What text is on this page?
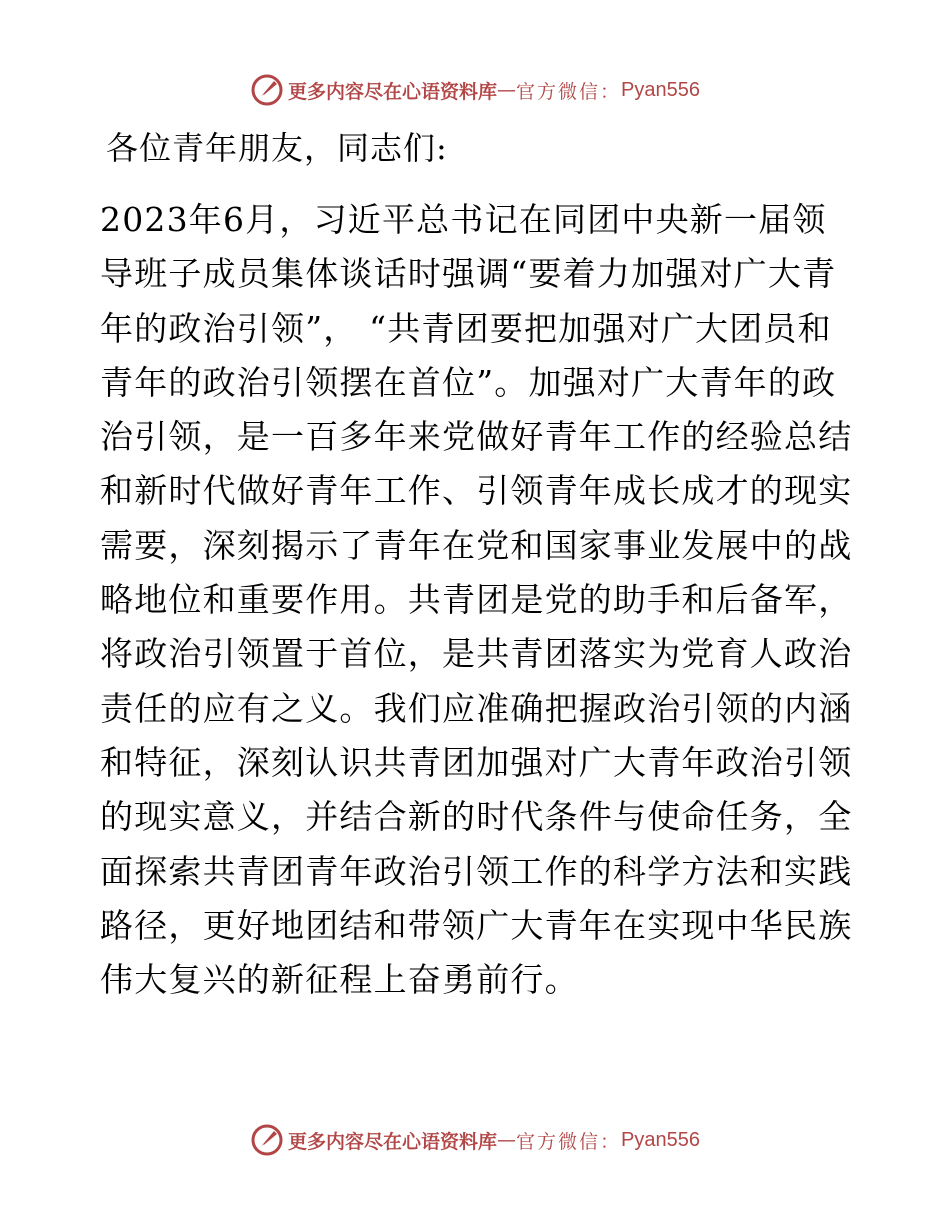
更多内容尽在心语资料库 — 官方微信： Pyan556
各位青年朋友，同志们:
2023年6月，习近平总书记在同团中央新一届领
导班子成员集体谈话时强调“要着力加强对广大青
年的政治引领”， “共青团要把加强对广大团员和
青年的政治引领摆在首位”。加强对广大青年的政
治引领，是一百多年来党做好青年工作的经验总结
和新时代做好青年工作、引领青年成长成才的现实
需要，深刻揭示了青年在党和国家事业发展中的战
略地位和重要作用。共青团是党的助手和后备军，
将政治引领置于首位，是共青团落实为党育人政治
责任的应有之义。我们应准确把握政治引领的内涵
和特征，深刻认识共青团加强对广大青年政治引领
的现实意义，并结合新的时代条件与使命任务，全
面探索共青团青年政治引领工作的科学方法和实践
路径，更好地团结和带领广大青年在实现中华民族
伟大复兴的新征程上奋勇前行。
更多内容尽在心语资料库 — 官方微信： Pyan556
